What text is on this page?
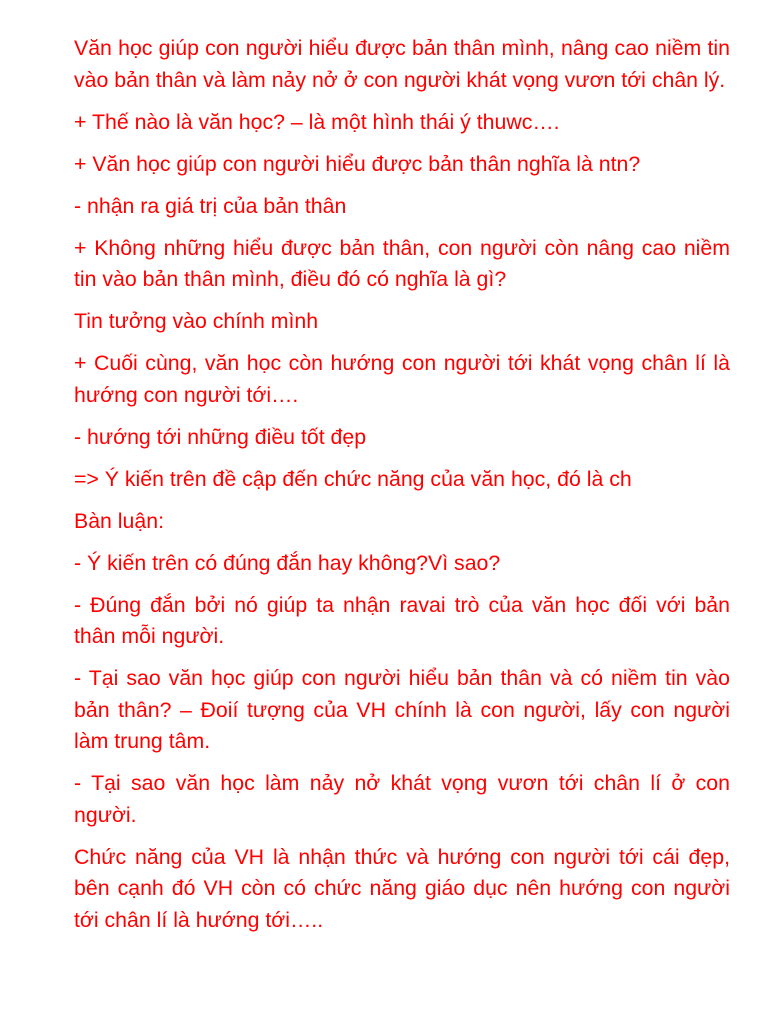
Văn học giúp con người hiểu được bản thân mình, nâng cao niềm tin vào bản thân và làm nảy nở ở con người khát vọng vươn tới chân lý.

+ Thế nào là văn học? – là một hình thái ý thuwc….

+ Văn học giúp con người hiểu được bản thân nghĩa là ntn?

- nhận ra giá trị của bản thân

+ Không những hiểu được bản thân, con người còn nâng cao niềm tin vào bản thân mình, điều đó có nghĩa là gì?

Tin tưởng vào chính mình

+ Cuối cùng, văn học còn hướng con người tới khát vọng chân lí là hướng con người tới….

- hướng tới những điều tốt đẹp

=> Ý kiến trên đề cập đến chức năng của văn học, đó là ch

Bàn luận:

- Ý kiến trên có đúng đắn hay không?Vì sao?

- Đúng đắn bởi nó giúp ta nhận ravai trò của văn học đối với bản thân mỗi người.

- Tại sao văn học giúp con người hiểu bản thân và có niềm tin vào bản thân? – Đoií tượng của VH chính là con người, lấy con người làm trung tâm.

- Tại sao văn học làm nảy nở khát vọng vươn tới chân lí ở con người.

Chức năng của VH là nhận thức và hướng con người tới cái đẹp, bên cạnh đó VH còn có chức năng giáo dục nên hướng con người tới chân lí là hướng tới…..
